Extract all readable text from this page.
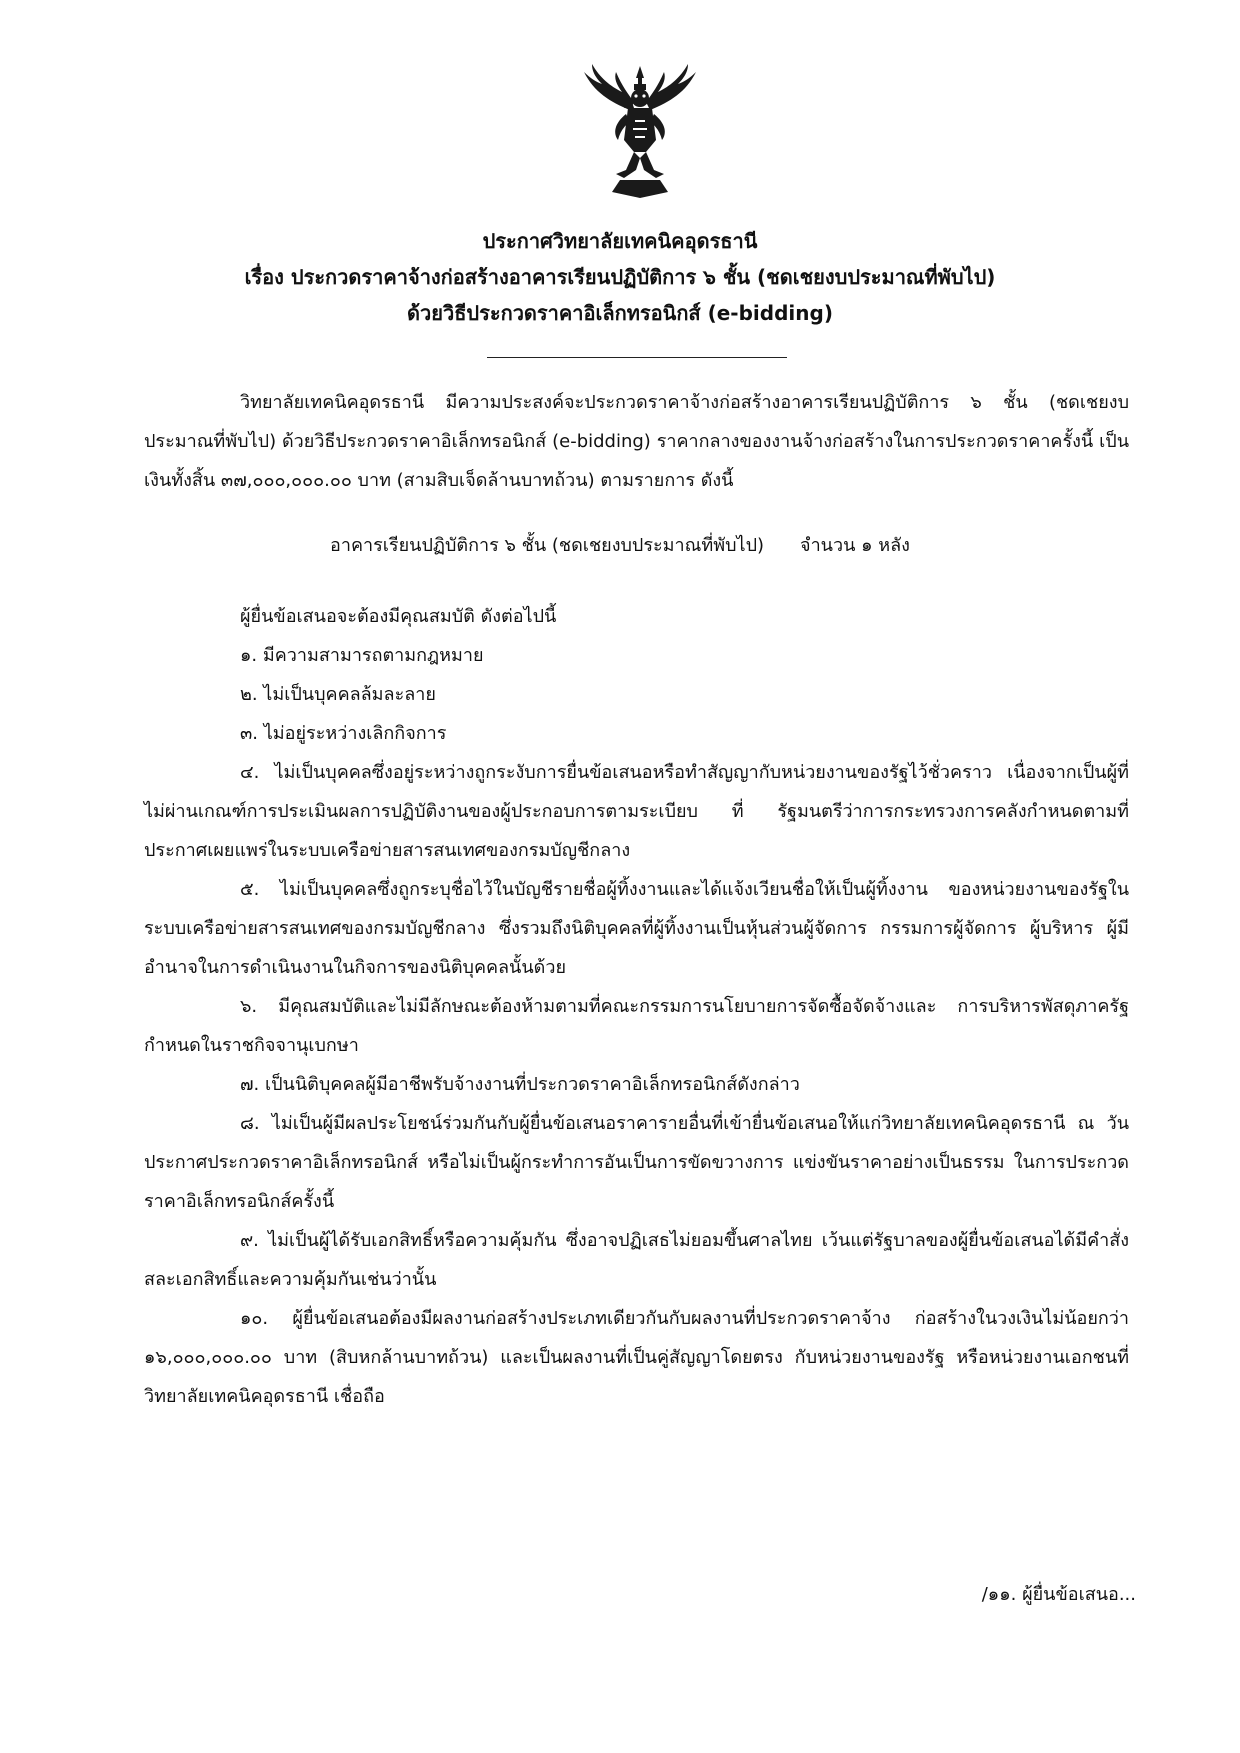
ประกาศวิทยาลัยเทคนิคอุดรธานี
เรื่อง ประกวดราคาจ้างก่อสร้างอาคารเรียนปฏิบัติการ ๖ ชั้น (ชดเชยงบประมาณที่พับไป)
ด้วยวิธีประกวดราคาอิเล็กทรอนิกส์ (e-bidding)
วิทยาลัยเทคนิคอุดรธานี มีความประสงค์จะประกวดราคาจ้างก่อสร้างอาคารเรียนปฏิบัติการ ๖ ชั้น (ชดเชยงบประมาณที่พับไป) ด้วยวิธีประกวดราคาอิเล็กทรอนิกส์ (e-bidding) ราคากลางของงานจ้างก่อสร้างในการประกวดราคาครั้งนี้ เป็นเงินทั้งสิ้น ๓๗,๐๐๐,๐๐๐.๐๐ บาท (สามสิบเจ็ดล้านบาทถ้วน) ตามรายการ ดังนี้
อาคารเรียนปฏิบัติการ ๖ ชั้น (ชดเชยงบประมาณที่พับไป) จำนวน ๑ หลัง

ผู้ยื่นข้อเสนอจะต้องมีคุณสมบัติ ดังต่อไปนี้

๑. มีความสามารถตามกฎหมาย

๒. ไม่เป็นบุคคลล้มละลาย

๓. ไม่อยู่ระหว่างเลิกกิจการ

๔. ไม่เป็นบุคคลซึ่งอยู่ระหว่างถูกระงับการยื่นข้อเสนอหรือทำสัญญากับหน่วยงานของรัฐไว้ชั่วคราว เนื่องจากเป็นผู้ที่ไม่ผ่านเกณฑ์การประเมินผลการปฏิบัติงานของผู้ประกอบการตามระเบียบ ที่ รัฐมนตรีว่าการกระทรวงการคลังกำหนดตามที่ประกาศเผยแพร่ในระบบเครือข่ายสารสนเทศของกรมบัญชีกลาง

๕. ไม่เป็นบุคคลซึ่งถูกระบุชื่อไว้ในบัญชีรายชื่อผู้ทิ้งงานและได้แจ้งเวียนชื่อให้เป็นผู้ทิ้งงาน ของหน่วยงานของรัฐในระบบเครือข่ายสารสนเทศของกรมบัญชีกลาง ซึ่งรวมถึงนิติบุคคลที่ผู้ทิ้งงานเป็นหุ้นส่วนผู้จัดการ กรรมการผู้จัดการ ผู้บริหาร ผู้มีอำนาจในการดำเนินงานในกิจการของนิติบุคคลนั้นด้วย

๖. มีคุณสมบัติและไม่มีลักษณะต้องห้ามตามที่คณะกรรมการนโยบายการจัดซื้อจัดจ้างและ การบริหารพัสดุภาครัฐกำหนดในราชกิจจานุเบกษา

๗. เป็นนิติบุคคลผู้มีอาชีพรับจ้างงานที่ประกวดราคาอิเล็กทรอนิกส์ดังกล่าว

๘. ไม่เป็นผู้มีผลประโยชน์ร่วมกันกับผู้ยื่นข้อเสนอราคารายอื่นที่เข้ายื่นข้อเสนอให้แก่วิทยาลัยเทคนิคอุดรธานี ณ วันประกาศประกวดราคาอิเล็กทรอนิกส์ หรือไม่เป็นผู้กระทำการอันเป็นการขัดขวางการ แข่งขันราคาอย่างเป็นธรรม ในการประกวดราคาอิเล็กทรอนิกส์ครั้งนี้

๙. ไม่เป็นผู้ได้รับเอกสิทธิ์หรือความคุ้มกัน ซึ่งอาจปฏิเสธไม่ยอมขึ้นศาลไทย เว้นแต่รัฐบาลของผู้ยื่นข้อเสนอได้มีคำสั่งสละเอกสิทธิ์และความคุ้มกันเช่นว่านั้น

๑๐. ผู้ยื่นข้อเสนอต้องมีผลงานก่อสร้างประเภทเดียวกันกับผลงานที่ประกวดราคาจ้าง ก่อสร้างในวงเงินไม่น้อยกว่า ๑๖,๐๐๐,๐๐๐.๐๐ บาท (สิบหกล้านบาทถ้วน) และเป็นผลงานที่เป็นคู่สัญญาโดยตรง กับหน่วยงานของรัฐ หรือหน่วยงานเอกชนที่ วิทยาลัยเทคนิคอุดรธานี เชื่อถือ

/๑๑. ผู้ยื่นข้อเสนอ...
